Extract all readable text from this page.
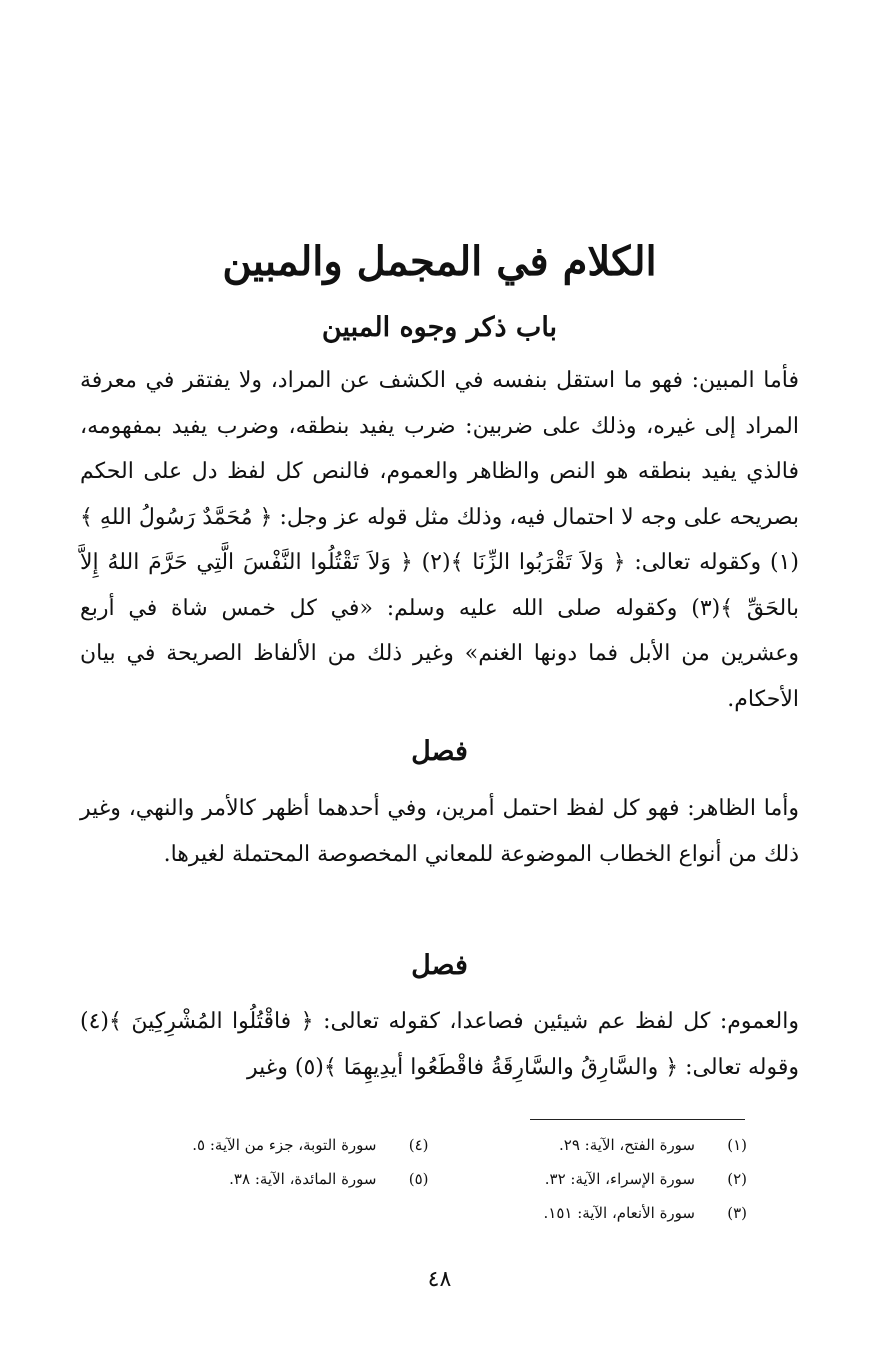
الكلام في المجمل والمبين
باب ذكر وجوه المبين

فأما المبين: فهو ما استقل بنفسه في الكشف عن المراد، ولا يفتقر في معرفة المراد إلى غيره، وذلك على ضربين: ضرب يفيد بنطقه، وضرب يفيد بمفهومه، فالذي يفيد بنطقه هو النص والظاهر والعموم، فالنص كل لفظ دل على الحكم بصريحه على وجه لا احتمال فيه، وذلك مثل قوله عز وجل: ﴿ مُحَمَّدٌ رَسُولُ اللهِ ﴾(١) وكقوله تعالى: ﴿ وَلاَ تَقْرَبُوا الزِّنَا ﴾(٢) ﴿ وَلاَ تَقْتُلُوا النَّفْسَ الَّتِي حَرَّمَ اللهُ إِلاَّ بالحَقِّ ﴾(٣) وكقوله صلى الله عليه وسلم: «في كل خمس شاة في أربع وعشرين من الأبل فما دونها الغنم» وغير ذلك من الألفاظ الصريحة في بيان الأحكام.

فصل

وأما الظاهر: فهو كل لفظ احتمل أمرين، وفي أحدهما أظهر كالأمر والنهي، وغير ذلك من أنواع الخطاب الموضوعة للمعاني المخصوصة المحتملة لغيرها.

فصل

والعموم: كل لفظ عم شيئين فصاعدا، كقوله تعالى: ﴿ فاقْتُلُوا المُشْرِكِينَ ﴾(٤) وقوله تعالى: ﴿ والسَّارِقُ والسَّارِقَةُ فاقْطَعُوا أيدِيهِمَا ﴾(٥) وغير

(١)
سورة الفتح، الآية: ٢٩.
(٢)
سورة الإسراء، الآية: ٣٢.
(٣)
سورة الأنعام، الآية: ١٥١.
(٤)
سورة التوبة، جزء من الآية: ٥.
(٥)
سورة المائدة، الآية: ٣٨.
٤٨
